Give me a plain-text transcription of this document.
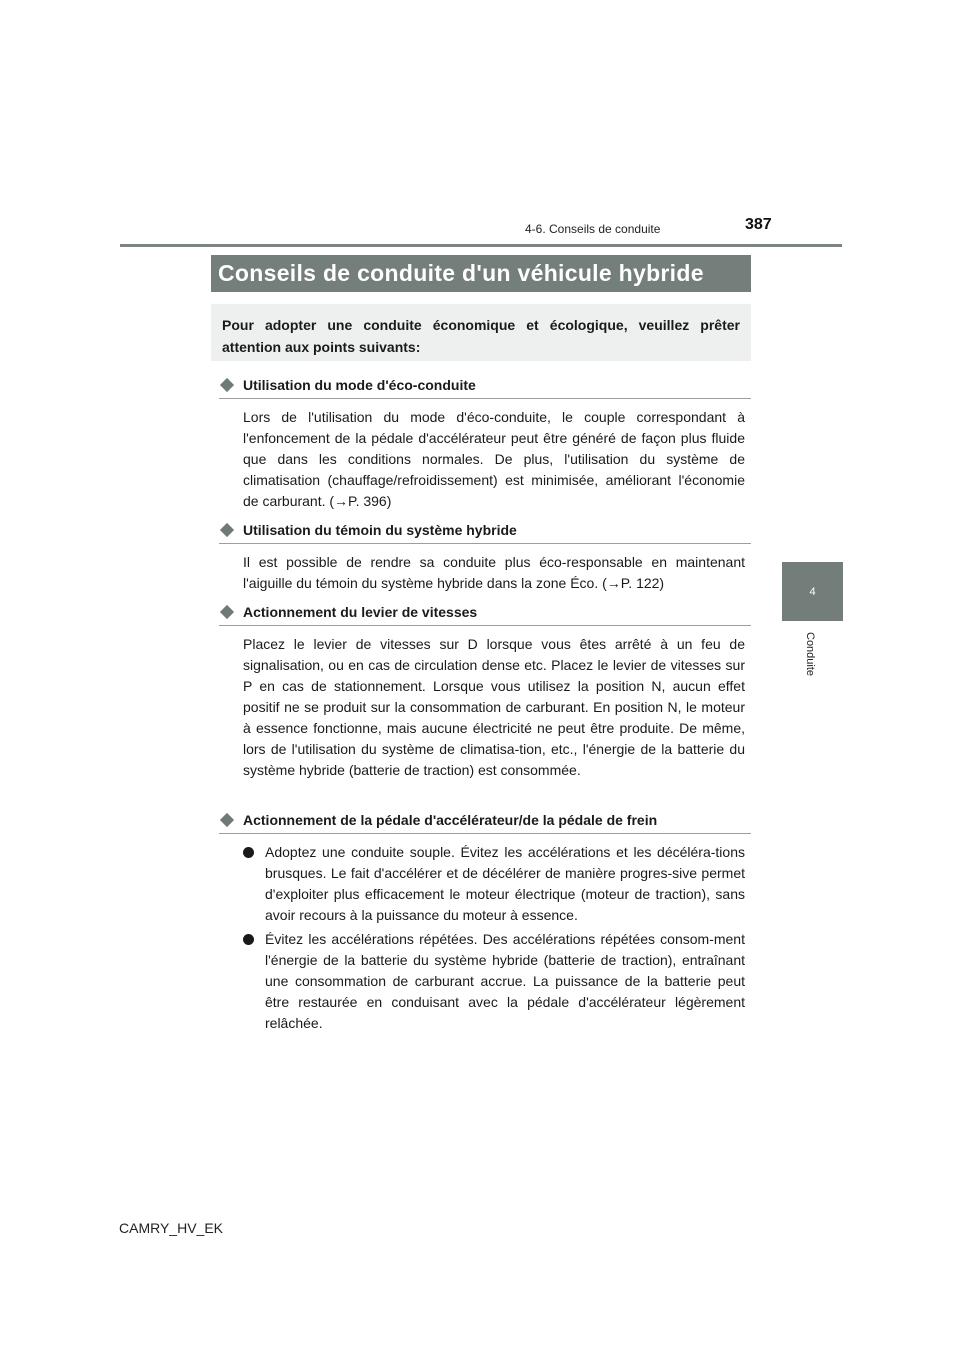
4-6. Conseils de conduite	387
4
Conduite
Conseils de conduite d'un véhicule hybride
Pour adopter une conduite économique et écologique, veuillez prêter attention aux points suivants:
Utilisation du mode d'éco-conduite
Lors de l'utilisation du mode d'éco-conduite, le couple correspondant à l'enfoncement de la pédale d'accélérateur peut être généré de façon plus fluide que dans les conditions normales. De plus, l'utilisation du système de climatisation (chauffage/refroidissement) est minimisée, améliorant l'économie de carburant. (→P. 396)
Utilisation du témoin du système hybride
Il est possible de rendre sa conduite plus éco-responsable en maintenant l'aiguille du témoin du système hybride dans la zone Éco. (→P. 122)
Actionnement du levier de vitesses
Placez le levier de vitesses sur D lorsque vous êtes arrêté à un feu de signalisation, ou en cas de circulation dense etc. Placez le levier de vitesses sur P en cas de stationnement. Lorsque vous utilisez la position N, aucun effet positif ne se produit sur la consommation de carburant. En position N, le moteur à essence fonctionne, mais aucune électricité ne peut être produite. De même, lors de l'utilisation du système de climatisa-tion, etc., l'énergie de la batterie du système hybride (batterie de traction) est consommée.
Actionnement de la pédale d'accélérateur/de la pédale de frein
Adoptez une conduite souple. Évitez les accélérations et les décéléra-tions brusques. Le fait d'accélérer et de décélérer de manière progres-sive permet d'exploiter plus efficacement le moteur électrique (moteur de traction), sans avoir recours à la puissance du moteur à essence.
Évitez les accélérations répétées. Des accélérations répétées consom-ment l'énergie de la batterie du système hybride (batterie de traction), entraînant une consommation de carburant accrue. La puissance de la batterie peut être restaurée en conduisant avec la pédale d'accélérateur légèrement relâchée.
CAMRY_HV_EK
